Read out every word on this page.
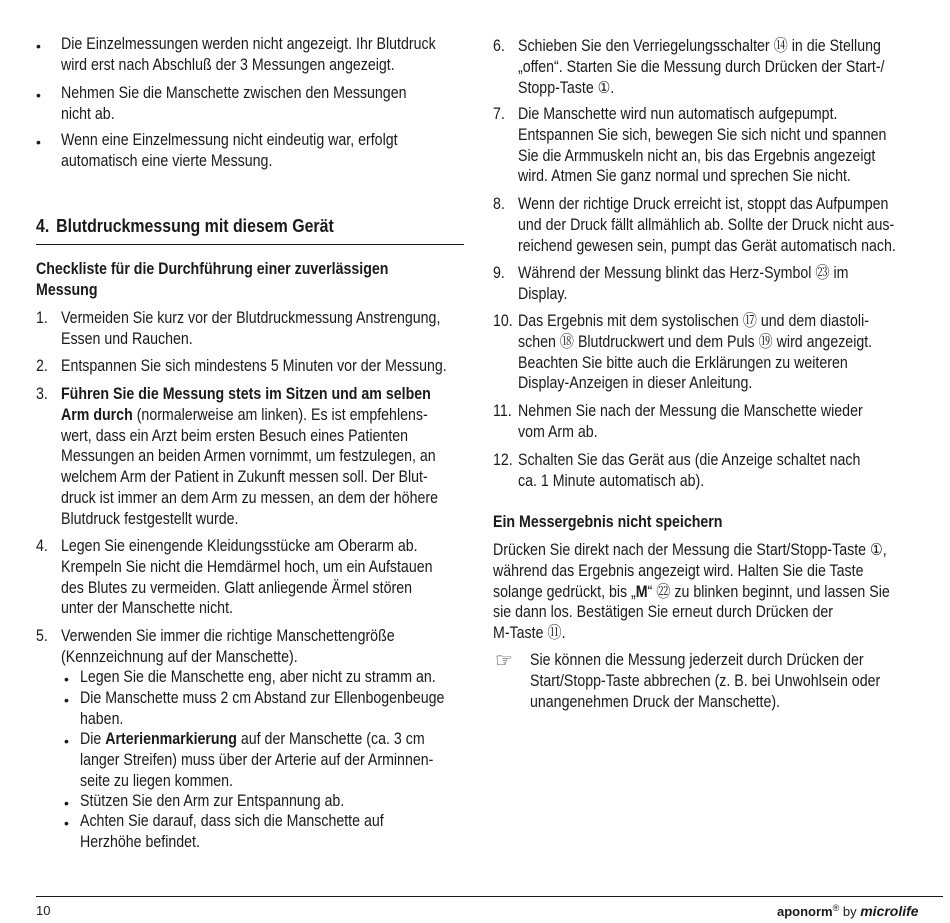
• Die Einzelmessungen werden nicht angezeigt. Ihr Blutdruck
wird erst nach Abschluß der 3 Messungen angezeigt.
• Nehmen Sie die Manschette zwischen den Messungen
nicht ab.
• Wenn eine Einzelmessung nicht eindeutig war, erfolgt
automatisch eine vierte Messung.
4. Blutdruckmessung mit diesem Gerät
Checkliste für die Durchführung einer zuverlässigen
Messung
1. Vermeiden Sie kurz vor der Blutdruckmessung Anstrengung,
Essen und Rauchen.
2. Entspannen Sie sich mindestens 5 Minuten vor der Messung.
3. Führen Sie die Messung stets im Sitzen und am selben
Arm durch (normalerweise am linken). Es ist empfehlens-
wert, dass ein Arzt beim ersten Besuch eines Patienten
Messungen an beiden Armen vornimmt, um festzulegen, an
welchem Arm der Patient in Zukunft messen soll. Der Blut-
druck ist immer an dem Arm zu messen, an dem der höhere
Blutdruck festgestellt wurde.
4. Legen Sie einengende Kleidungsstücke am Oberarm ab.
Krempeln Sie nicht die Hemdärmel hoch, um ein Aufstauen
des Blutes zu vermeiden. Glatt anliegende Ärmel stören
unter der Manschette nicht.
5. Verwenden Sie immer die richtige Manschettengröße
(Kennzeichnung auf der Manschette).
• Legen Sie die Manschette eng, aber nicht zu stramm an.
• Die Manschette muss 2 cm Abstand zur Ellenbogenbeuge
haben.
• Die Arterienmarkierung auf der Manschette (ca. 3 cm
langer Streifen) muss über der Arterie auf der Arminnen-
seite zu liegen kommen.
• Stützen Sie den Arm zur Entspannung ab.
• Achten Sie darauf, dass sich die Manschette auf
Herzhöhe befindet.
6. Schieben Sie den Verriegelungsschalter ⑭ in die Stellung
„offen“. Starten Sie die Messung durch Drücken der Start-/
Stopp-Taste ①.
7. Die Manschette wird nun automatisch aufgepumpt.
Entspannen Sie sich, bewegen Sie sich nicht und spannen
Sie die Armmuskeln nicht an, bis das Ergebnis angezeigt
wird. Atmen Sie ganz normal und sprechen Sie nicht.
8. Wenn der richtige Druck erreicht ist, stoppt das Aufpumpen
und der Druck fällt allmählich ab. Sollte der Druck nicht aus-
reichend gewesen sein, pumpt das Gerät automatisch nach.
9. Während der Messung blinkt das Herz-Symbol ㉓ im
Display.
10. Das Ergebnis mit dem systolischen ⑰ und dem diastoli-
schen ⑱ Blutdruckwert und dem Puls ⑲ wird angezeigt.
Beachten Sie bitte auch die Erklärungen zu weiteren
Display-Anzeigen in dieser Anleitung.
11. Nehmen Sie nach der Messung die Manschette wieder
vom Arm ab.
12. Schalten Sie das Gerät aus (die Anzeige schaltet nach
ca. 1 Minute automatisch ab).
Ein Messergebnis nicht speichern
Drücken Sie direkt nach der Messung die Start/Stopp-Taste ①,
während das Ergebnis angezeigt wird. Halten Sie die Taste
solange gedrückt, bis „M“ ㉒ zu blinken beginnt, und lassen Sie
sie dann los. Bestätigen Sie erneut durch Drücken der
M-Taste ⑪.
☞ Sie können die Messung jederzeit durch Drücken der
Start/Stopp-Taste abbrechen (z. B. bei Unwohlsein oder
unangenehmen Druck der Manschette).
10	aponorm® by microlife
